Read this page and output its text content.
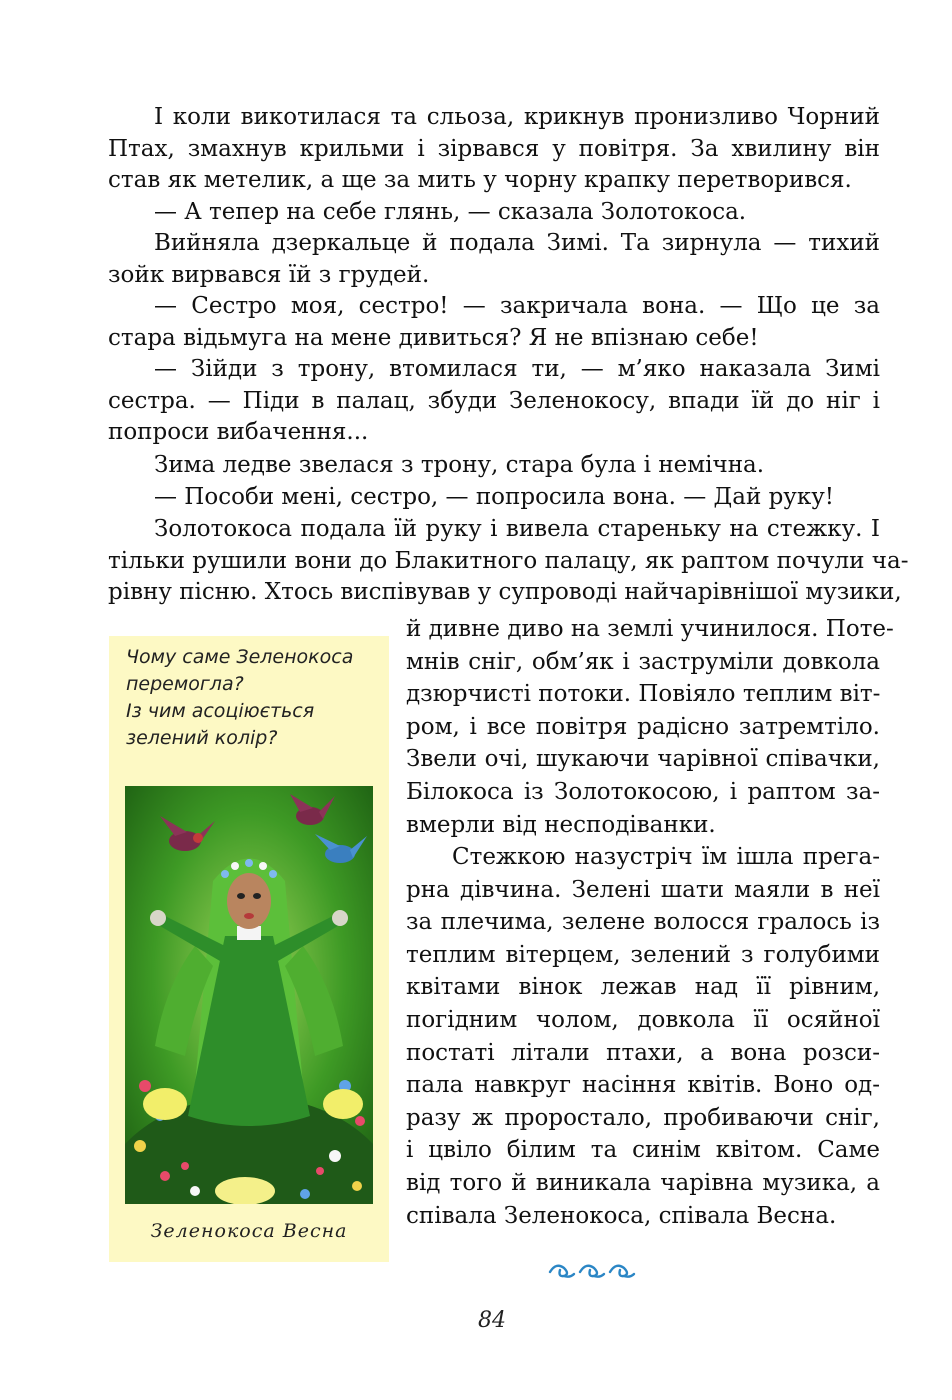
І коли викотилася та сльоза, крикнув пронизливо Чорний
Птах, змахнув крильми і зірвався у повітря. За хвилину він
став як метелик, а ще за мить у чорну крапку перетворився.
— А тепер на себе глянь, — сказала Золотокоса.
Вийняла дзеркальце й подала Зимі. Та зирнула — тихий
зойк вирвався їй з грудей.
— Сестро моя, сестро! — закричала вона. — Що це за
стара відьмуга на мене дивиться? Я не впізнаю себе!
— Зійди з трону, втомилася ти, — м’яко наказала Зимі
сестра. — Піди в палац, збуди Зеленокосу, впади їй до ніг і
попроси вибачення...
Зима ледве звелася з трону, стара була і немічна.
— Пособи мені, сестро, — попросила вона. — Дай руку!
Золотокоса подала їй руку і вивела стареньку на стежку. І
тільки рушили вони до Блакитного палацу, як раптом почули ча-
рівну пісню. Хтось виспівував у супроводі найчарівнішої музики,
й дивне диво на землі учинилося. Поте-
мнів сніг, обм’як і заструміли довкола
дзюрчисті потоки. Повіяло теплим віт-
ром, і все повітря радісно затремтіло.
Звели очі, шукаючи чарівної співачки,
Білокоса із Золотокосою, і раптом за-
вмерли від несподіванки.
Стежкою назустріч їм ішла прега-
рна дівчина. Зелені шати маяли в неї
за плечима, зелене волосся гралось із
теплим вітерцем, зелений з голубими
квітами вінок лежав над її рівним,
погідним чолом, довкола її осяйної
постаті літали птахи, а вона розси-
пала навкруг насіння квітів. Воно од-
разу ж проростало, пробиваючи сніг,
і цвіло білим та синім квітом. Саме
від того й виникала чарівна музика, а
співала Зеленокоса, співала Весна.
Чому саме Зеленокоса
перемогла?
Із чим асоціюється
зелений колір?
Зеленокоса Весна
84
